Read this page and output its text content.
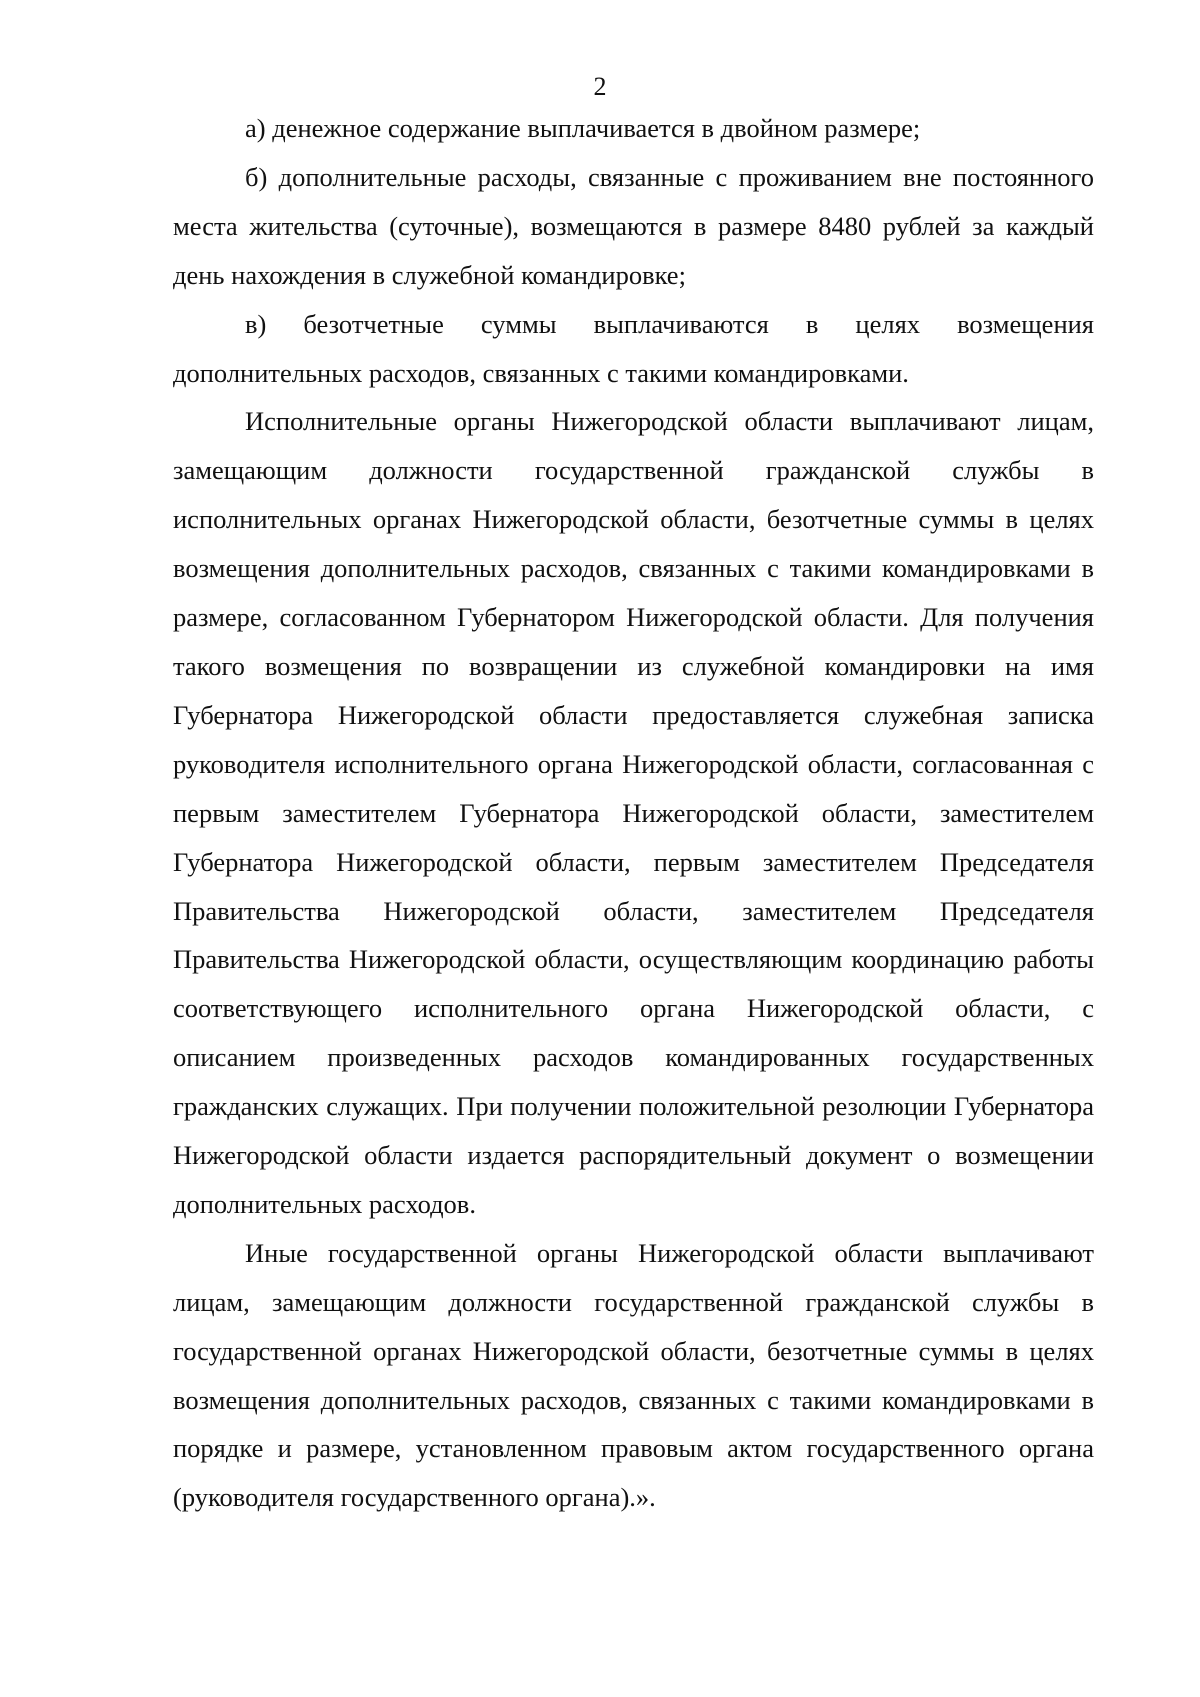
2

а) денежное содержание выплачивается в двойном размере;

б) дополнительные расходы, связанные с проживанием вне постоянного места жительства (суточные), возмещаются в размере 8480 рублей за каждый день нахождения в служебной командировке;

в) безотчетные суммы выплачиваются в целях возмещения дополнительных расходов, связанных с такими командировками.

Исполнительные органы Нижегородской области выплачивают лицам, замещающим должности государственной гражданской службы в исполнительных органах Нижегородской области, безотчетные суммы в целях возмещения дополнительных расходов, связанных с такими командировками в размере, согласованном Губернатором Нижегородской области. Для получения такого возмещения по возвращении из служебной командировки на имя Губернатора Нижегородской области предоставляется служебная записка руководителя исполнительного органа Нижегородской области, согласованная с первым заместителем Губернатора Нижегородской области, заместителем Губернатора Нижегородской области, первым заместителем Председателя Правительства Нижегородской области, заместителем Председателя Правительства Нижегородской области, осуществляющим координацию работы соответствующего исполнительного органа Нижегородской области, с описанием произведенных расходов командированных государственных гражданских служащих. При получении положительной резолюции Губернатора Нижегородской области издается распорядительный документ о возмещении дополнительных расходов.

Иные государственной органы Нижегородской области выплачивают лицам, замещающим должности государственной гражданской службы в государственной органах Нижегородской области, безотчетные суммы в целях возмещения дополнительных расходов, связанных с такими командировками в порядке и размере, установленном правовым актом государственного органа (руководителя государственного органа).».
